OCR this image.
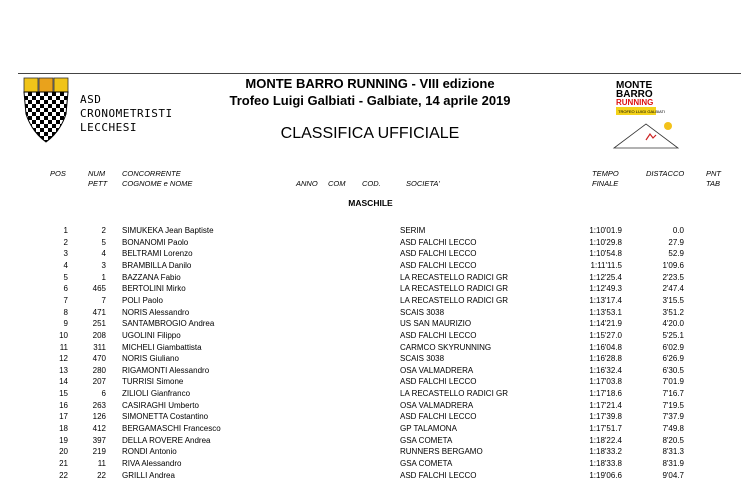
ASD
CRONOMETRISTI
LECCHESI
MONTE BARRO RUNNING - VIII edizione
Trofeo Luigi Galbiati - Galbiate, 14 aprile 2019
CLASSIFICA UFFICIALE
MONTE
BARRO
RUNNING
TROFEO LUIGI GALBIATI
POS	NUM
PETT
CONCORRENTE
COGNOME e NOME	ANNO COM COD.	SOCIETA'
TEMPO
FINALE
DISTACCO	PNT
TAB
MASCHILE
1	2 SIMUKEKA Jean Baptiste	SERIM	1:10'01.9	0.0
2	5 BONANOMI Paolo	ASD FALCHI LECCO	1:10'29.8	27.9
3	4 BELTRAMI Lorenzo	ASD FALCHI LECCO	1:10'54.8	52.9
4	3 BRAMBILLA Danilo	ASD FALCHI LECCO	1:11'11.5	1'09.6
5	1 BAZZANA Fabio	LA RECASTELLO RADICI GR	1:12'25.4	2'23.5
6	465 BERTOLINI Mirko	LA RECASTELLO RADICI GR	1:12'49.3	2'47.4
7	7 POLI Paolo	LA RECASTELLO RADICI GR	1:13'17.4	3'15.5
8	471 NORIS Alessandro	SCAIS 3038	1:13'53.1	3'51.2
9	251 SANTAMBROGIO Andrea	US SAN MAURIZIO	1:14'21.9	4'20.0
10	208 UGOLINI Filippo	ASD FALCHI LECCO	1:15'27.0	5'25.1
11	311 MICHELI Giambattista	CARMCO SKYRUNNING	1:16'04.8	6'02.9
12	470 NORIS Giuliano	SCAIS 3038	1:16'28.8	6'26.9
13	280 RIGAMONTI Alessandro	OSA VALMADRERA	1:16'32.4	6'30.5
14	207 TURRISI Simone	ASD FALCHI LECCO	1:17'03.8	7'01.9
15	6 ZILIOLI Gianfranco	LA RECASTELLO RADICI GR	1:17'18.6	7'16.7
16	263 CASIRAGHI Umberto	OSA VALMADRERA	1:17'21.4	7'19.5
17	126 SIMONETTA Costantino	ASD FALCHI LECCO	1:17'39.8	7'37.9
18	412 BERGAMASCHI Francesco	GP TALAMONA	1:17'51.7	7'49.8
19	397 DELLA ROVERE Andrea	GSA COMETA	1:18'22.4	8'20.5
20	219 RONDI Antonio	RUNNERS BERGAMO	1:18'33.2	8'31.3
21	11 RIVA Alessandro	GSA COMETA	1:18'33.8	8'31.9
22	22 GRILLI Andrea	ASD FALCHI LECCO	1:19'06.6	9'04.7
